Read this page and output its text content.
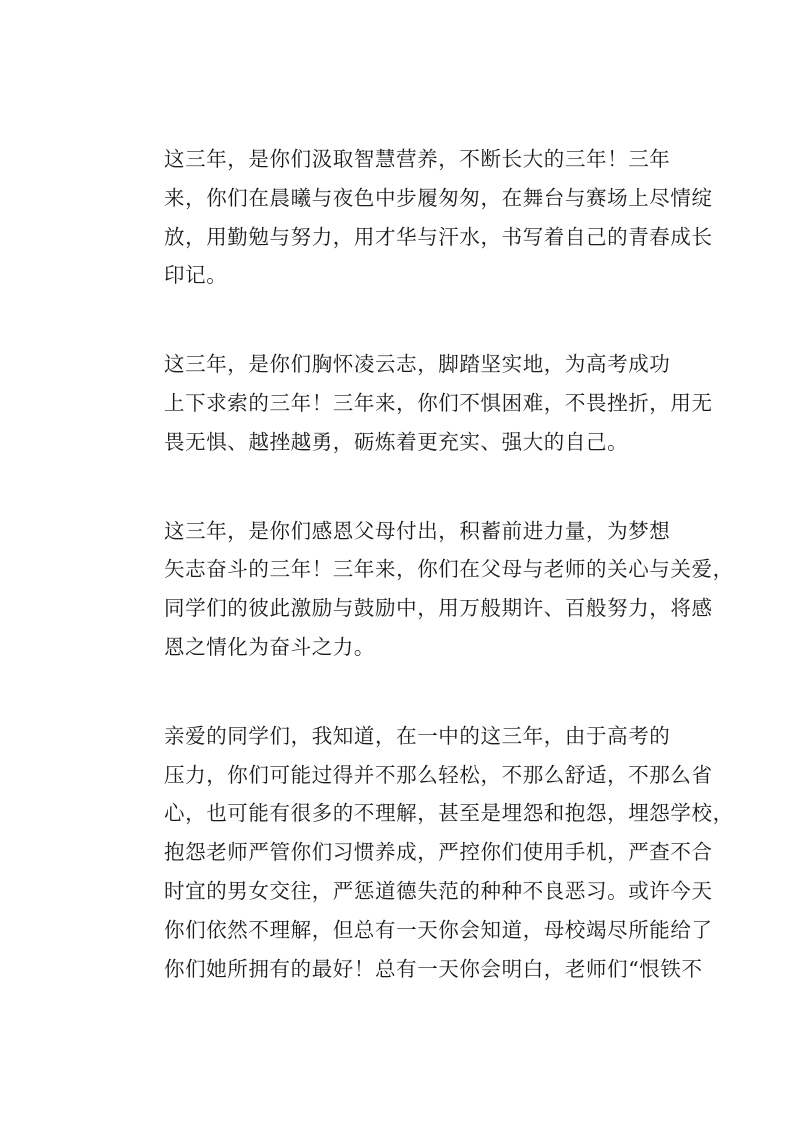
这三年，是你们汲取智慧营养，不断长大的三年！三年
来，你们在晨曦与夜色中步履匆匆，在舞台与赛场上尽情绽
放，用勤勉与努力，用才华与汗水，书写着自己的青春成长
印记。

这三年，是你们胸怀凌云志，脚踏坚实地，为高考成功
上下求索的三年！三年来，你们不惧困难，不畏挫折，用无
畏无惧、越挫越勇，砺炼着更充实、强大的自己。

这三年，是你们感恩父母付出，积蓄前进力量，为梦想
矢志奋斗的三年！三年来，你们在父母与老师的关心与关爱，
同学们的彼此激励与鼓励中，用万般期许、百般努力，将感
恩之情化为奋斗之力。

亲爱的同学们，我知道，在一中的这三年，由于高考的
压力，你们可能过得并不那么轻松，不那么舒适，不那么省
心，也可能有很多的不理解，甚至是埋怨和抱怨，埋怨学校，
抱怨老师严管你们习惯养成，严控你们使用手机，严查不合
时宜的男女交往，严惩道德失范的种种不良恶习。或许今天
你们依然不理解，但总有一天你会知道，母校竭尽所能给了
你们她所拥有的最好！总有一天你会明白，老师们“恨铁不
